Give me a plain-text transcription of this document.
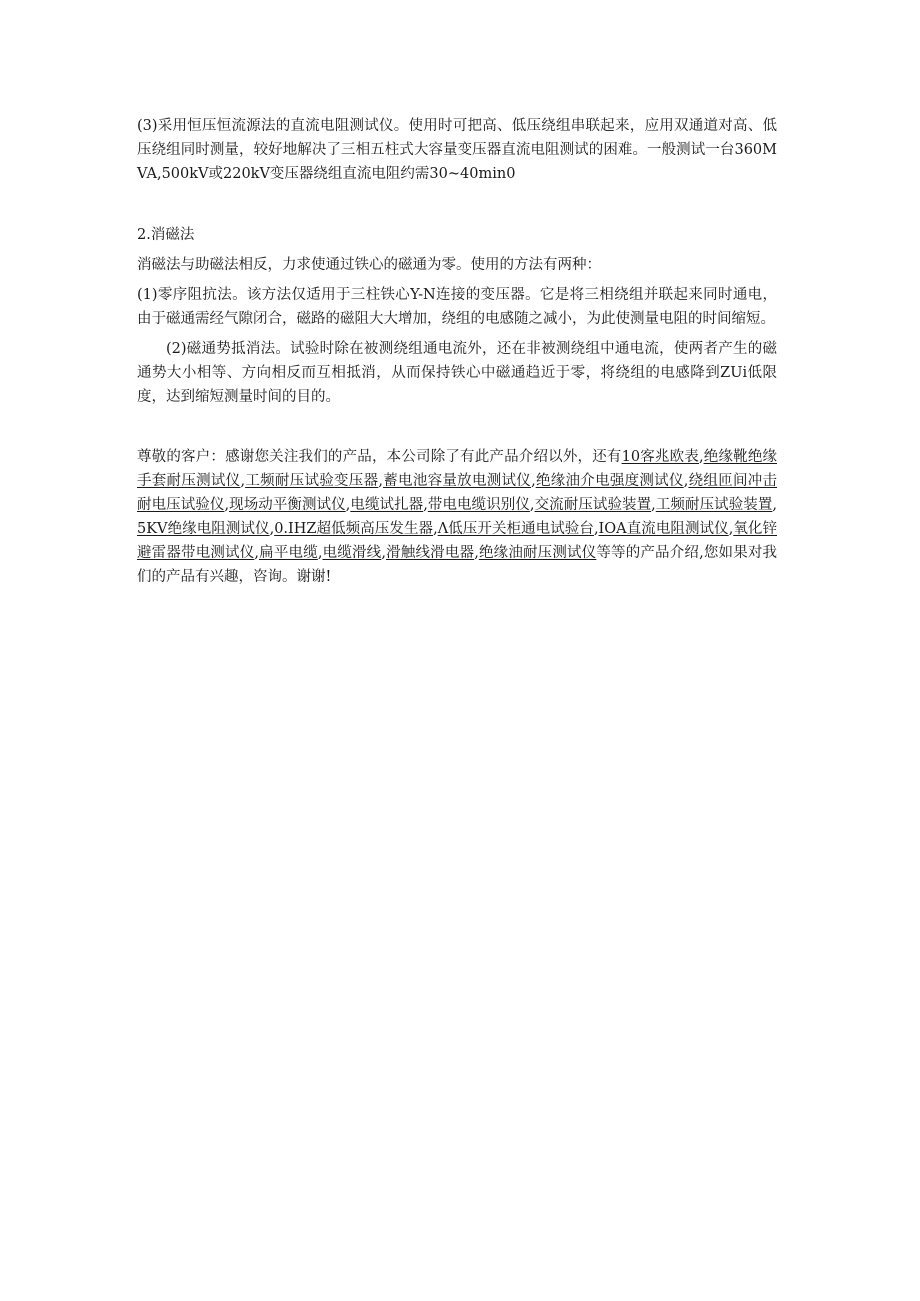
(3)采用恒压恒流源法的直流电阻测试仪。使用时可把高、低压绕组串联起来，应用双通道对高、低压绕组同时测量，较好地解决了三相五柱式大容量变压器直流电阻测试的困难。一般测试一台360MVA,500kV或220kV变压器绕组直流电阻约需30~40min0

2.消磁法

消磁法与助磁法相反，力求使通过铁心的磁通为零。使用的方法有两种：

(1)零序阻抗法。该方法仅适用于三柱铁心Y-N连接的变压器。它是将三相绕组并联起来同时通电，由于磁通需经气隙闭合，磁路的磁阻大大增加，绕组的电感随之减小，为此使测量电阻的时间缩短。

(2)磁通势抵消法。试验时除在被测绕组通电流外，还在非被测绕组中通电流，使两者产生的磁通势大小相等、方向相反而互相抵消，从而保持铁心中磁通趋近于零，将绕组的电感降到ZUi低限度，达到缩短测量时间的目的。

尊敬的客户：感谢您关注我们的产品，本公司除了有此产品介绍以外，还有10客兆欧表,绝缘靴绝缘手套耐压测试仪,工频耐压试验变压器,蓄电池容量放电测试仪,绝缘油介电强度测试仪,绕组匝间冲击耐电压试验仪,现场动平衡测试仪,电缆试扎器,带电电缆识别仪,交流耐压试验装置,工频耐压试验装置,5KV绝缘电阻测试仪,0.IHZ超低频高压发生器,Λ低压开关柜通电试验台,IOA直流电阻测试仪,氧化锌避雷器带电测试仪,扁平电缆,电缆滑线,滑触线滑电器,绝缘油耐压测试仪等等的产品介绍,您如果对我们的产品有兴趣，咨询。谢谢!
